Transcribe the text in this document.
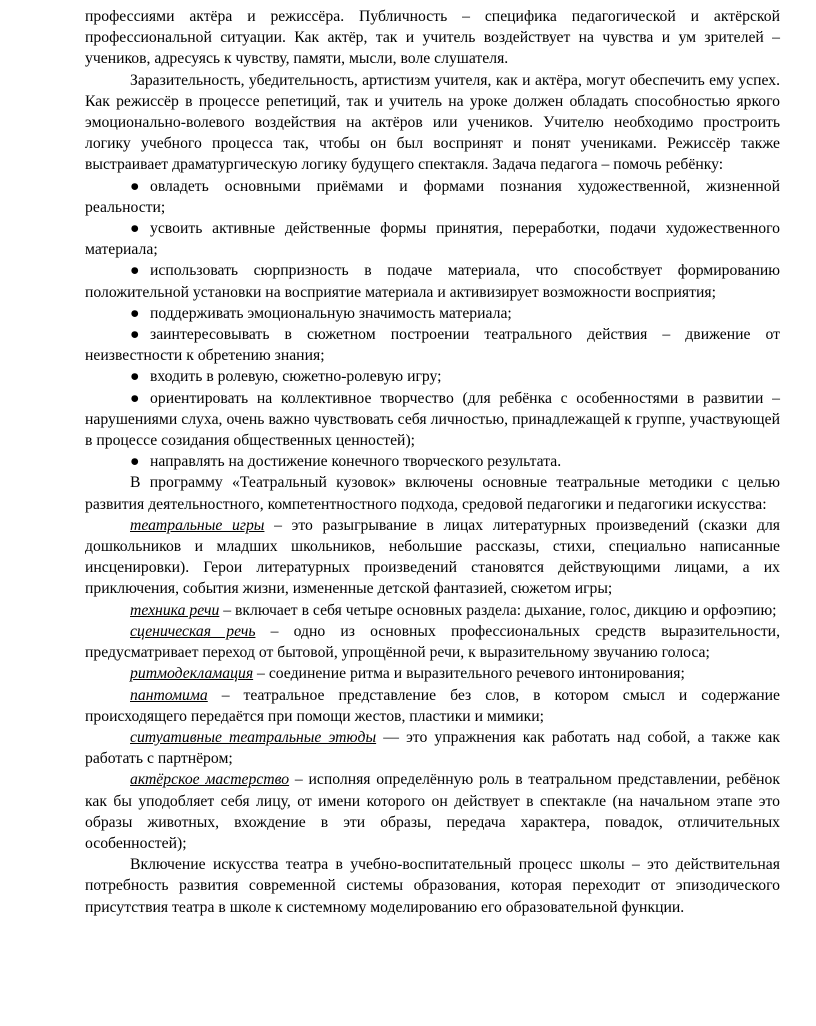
профессиями актёра и режиссёра. Публичность – специфика педагогической и актёрской профессиональной ситуации. Как актёр, так и учитель воздействует на чувства и ум зрителей – учеников, адресуясь к чувству, памяти, мысли, воле слушателя.

Заразительность, убедительность, артистизм учителя, как и актёра, могут обеспечить ему успех. Как режиссёр в процессе репетиций, так и учитель на уроке должен обладать способностью яркого эмоционально-волевого воздействия на актёров или учеников. Учителю необходимо простроить логику учебного процесса так, чтобы он был воспринят и понят учениками. Режиссёр также выстраивает драматургическую логику будущего спектакля. Задача педагога – помочь ребёнку:

● овладеть основными приёмами и формами познания художественной, жизненной реальности;

● усвоить активные действенные формы принятия, переработки, подачи художественного материала;

● использовать сюрпризность в подаче материала, что способствует формированию положительной установки на восприятие материала и активизирует возможности восприятия;

● поддерживать эмоциональную значимость материала;

● заинтересовывать в сюжетном построении театрального действия – движение от неизвестности к обретению знания;

● входить в ролевую, сюжетно-ролевую игру;

● ориентировать на коллективное творчество (для ребёнка с особенностями в развитии – нарушениями слуха, очень важно чувствовать себя личностью, принадлежащей к группе, участвующей в процессе созидания общественных ценностей);

● направлять на достижение конечного творческого результата.

В программу «Театральный кузовок» включены основные театральные методики с целью развития деятельностного, компетентностного подхода, средовой педагогики и педагогики искусства:

театральные игры – это разыгрывание в лицах литературных произведений (сказки для дошкольников и младших школьников, небольшие рассказы, стихи, специально написанные инсценировки). Герои литературных произведений становятся действующими лицами, а их приключения, события жизни, измененные детской фантазией, сюжетом игры;

техника речи – включает в себя четыре основных раздела: дыхание, голос, дикцию и орфоэпию;

сценическая речь – одно из основных профессиональных средств выразительности, предусматривает переход от бытовой, упрощённой речи, к выразительному звучанию голоса;

ритмодекламация – соединение ритма и выразительного речевого интонирования;

пантомима – театральное представление без слов, в котором смысл и содержание происходящего передаётся при помощи жестов, пластики и мимики;

ситуативные театральные этюды — это упражнения как работать над собой, а также как работать с партнёром;

актёрское мастерство – исполняя определённую роль в театральном представлении, ребёнок как бы уподобляет себя лицу, от имени которого он действует в спектакле (на начальном этапе это образы животных, вхождение в эти образы, передача характера, повадок, отличительных особенностей);

Включение искусства театра в учебно-воспитательный процесс школы – это действительная потребность развития современной системы образования, которая переходит от эпизодического присутствия театра в школе к системному моделированию его образовательной функции.
